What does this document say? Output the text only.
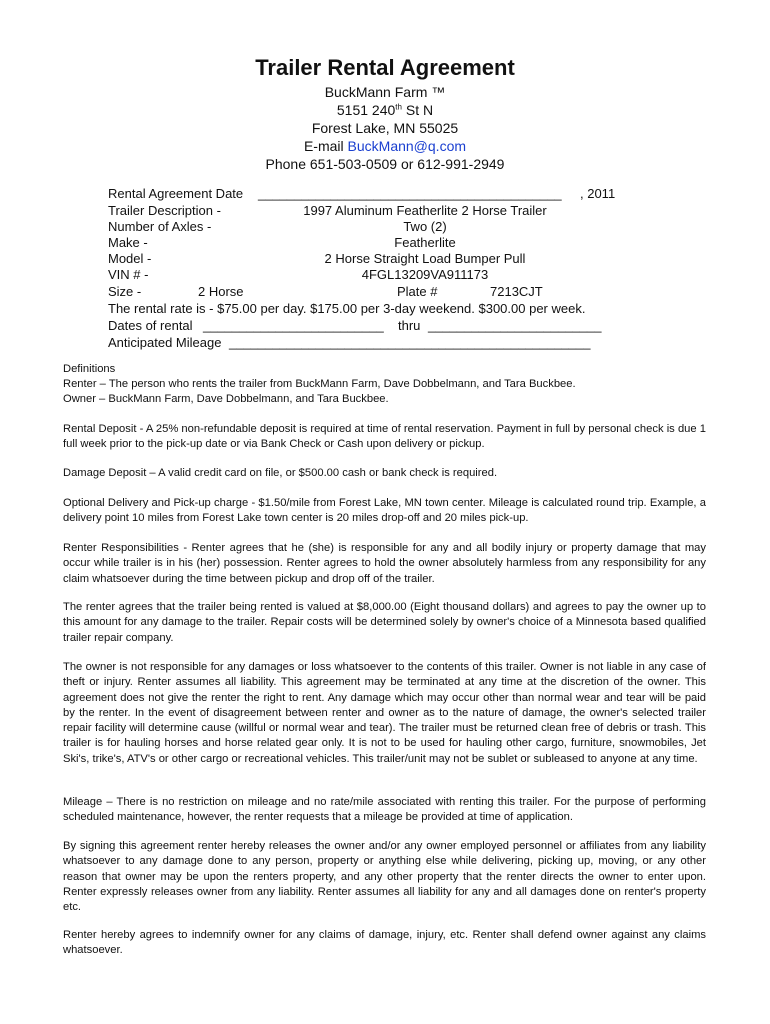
Trailer Rental Agreement
BuckMann Farm ™
5151 240th St N
Forest Lake, MN 55025
E-mail BuckMann@q.com
Phone 651-503-0509 or 612-991-2949
Rental Agreement Date __________________________________________ , 2011
Trailer Description -	1997 Aluminum Featherlite 2 Horse Trailer
Number of Axles -	Two (2)
Make -	Featherlite
Model -	2 Horse Straight Load Bumper Pull
VIN # -	4FGL13209VA911173
Size -	2 Horse	Plate #	7213CJT
The rental rate is - $75.00 per day. $175.00 per 3-day weekend. $300.00 per week.
Dates of rental _________________________ thru ________________________
Anticipated Mileage __________________________________________________
Definitions
Renter – The person who rents the trailer from BuckMann Farm, Dave Dobbelmann, and Tara Buckbee.
Owner – BuckMann Farm, Dave Dobbelmann, and Tara Buckbee.
Rental Deposit - A 25% non-refundable deposit is required at time of rental reservation. Payment in full by personal check is due 1 full week prior to the pick-up date or via Bank Check or Cash upon delivery or pickup.
Damage Deposit – A valid credit card on file, or $500.00 cash or bank check is required.
Optional Delivery and Pick-up charge - $1.50/mile from Forest Lake, MN town center. Mileage is calculated round trip. Example, a delivery point 10 miles from Forest Lake town center is 20 miles drop-off and 20 miles pick-up.
Renter Responsibilities - Renter agrees that he (she) is responsible for any and all bodily injury or property damage that may occur while trailer is in his (her) possession. Renter agrees to hold the owner absolutely harmless from any responsibility for any claim whatsoever during the time between pickup and drop off of the trailer.
The renter agrees that the trailer being rented is valued at $8,000.00 (Eight thousand dollars) and agrees to pay the owner up to this amount for any damage to the trailer. Repair costs will be determined solely by owner's choice of a Minnesota based qualified trailer repair company.
The owner is not responsible for any damages or loss whatsoever to the contents of this trailer. Owner is not liable in any case of theft or injury. Renter assumes all liability. This agreement may be terminated at any time at the discretion of the owner. This agreement does not give the renter the right to rent. Any damage which may occur other than normal wear and tear will be paid by the renter. In the event of disagreement between renter and owner as to the nature of damage, the owner's selected trailer repair facility will determine cause (willful or normal wear and tear). The trailer must be returned clean free of debris or trash. This trailer is for hauling horses and horse related gear only. It is not to be used for hauling other cargo, furniture, snowmobiles, Jet Ski's, trike's, ATV's or other cargo or recreational vehicles. This trailer/unit may not be sublet or subleased to anyone at any time.
Mileage – There is no restriction on mileage and no rate/mile associated with renting this trailer. For the purpose of performing scheduled maintenance, however, the renter requests that a mileage be provided at time of application.
By signing this agreement renter hereby releases the owner and/or any owner employed personnel or affiliates from any liability whatsoever to any damage done to any person, property or anything else while delivering, picking up, moving, or any other reason that owner may be upon the renters property, and any other property that the renter directs the owner to enter upon. Renter expressly releases owner from any liability. Renter assumes all liability for any and all damages done on renter's property etc.
Renter hereby agrees to indemnify owner for any claims of damage, injury, etc. Renter shall defend owner against any claims whatsoever.
